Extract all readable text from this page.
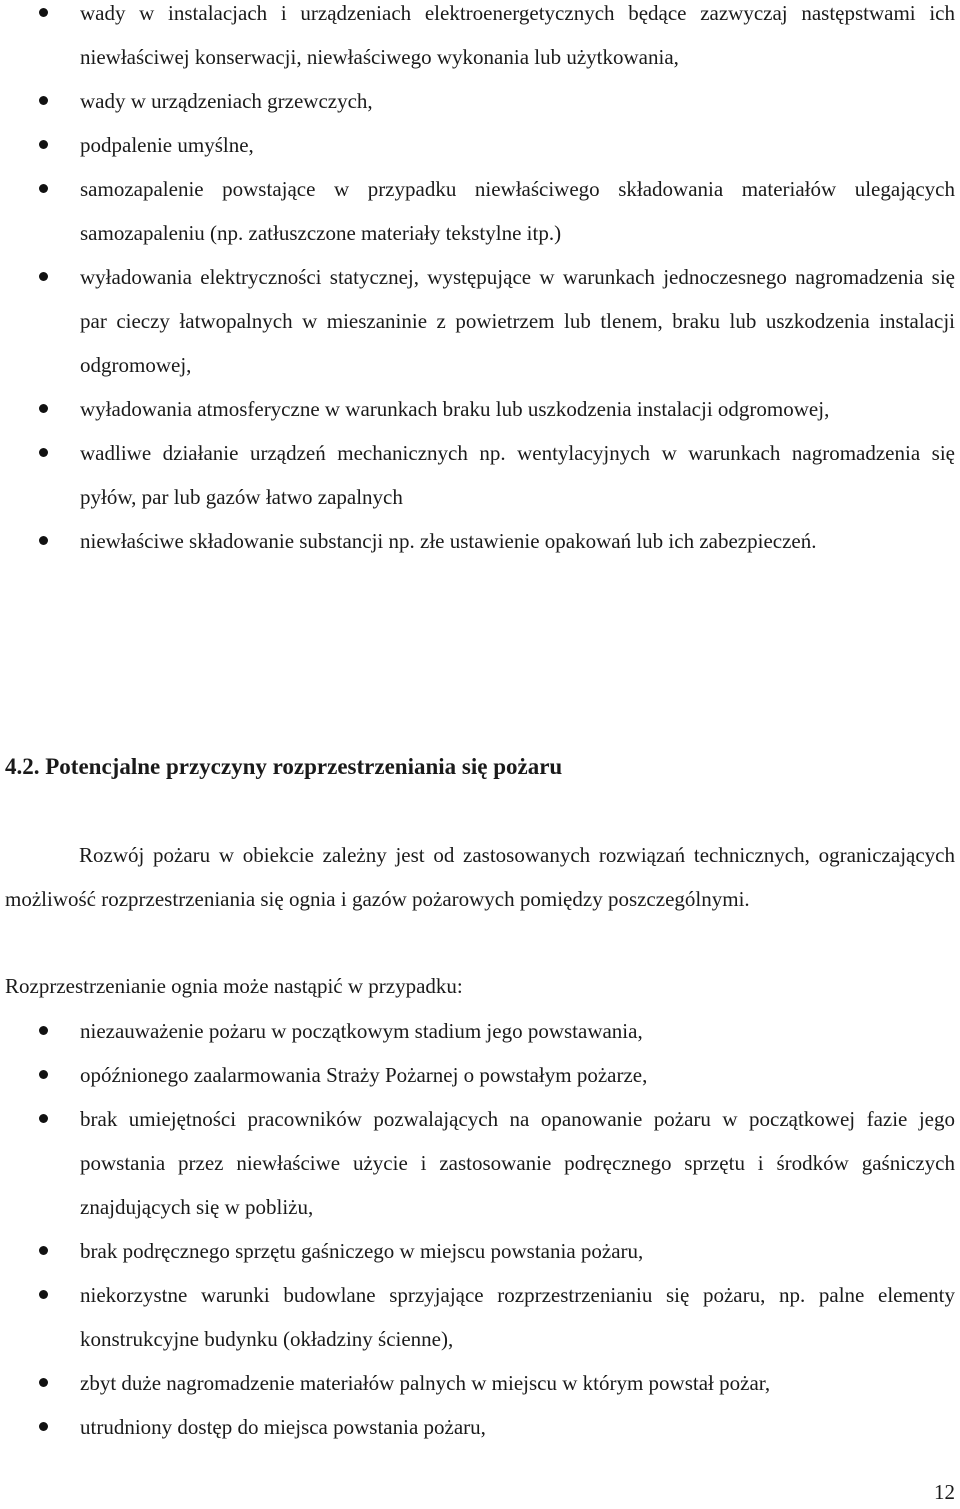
wady w instalacjach i urządzeniach elektroenergetycznych będące zazwyczaj następstwami ich niewłaściwej konserwacji, niewłaściwego wykonania lub użytkowania,
wady w urządzeniach grzewczych,
podpalenie umyślne,
samozapalenie powstające w przypadku niewłaściwego składowania materiałów ulegających samozapaleniu (np. zatłuszczone materiały tekstylne itp.)
wyładowania elektryczności statycznej, występujące w warunkach jednoczesnego nagromadzenia się par cieczy łatwopalnych w mieszaninie z powietrzem lub tlenem, braku lub uszkodzenia instalacji odgromowej,
wyładowania atmosferyczne w warunkach braku lub uszkodzenia instalacji odgromowej,
wadliwe działanie urządzeń mechanicznych np. wentylacyjnych w warunkach nagromadzenia się pyłów, par lub gazów łatwo zapalnych
niewłaściwe składowanie substancji np. złe ustawienie opakowań lub ich zabezpieczeń.
4.2. Potencjalne przyczyny rozprzestrzeniania się pożaru

Rozwój pożaru w obiekcie zależny jest od zastosowanych rozwiązań technicznych, ograniczających możliwość rozprzestrzeniania się ognia i gazów pożarowych pomiędzy poszczególnymi.

Rozprzestrzenianie ognia może nastąpić w przypadku:

niezauważenie pożaru w początkowym stadium jego powstawania,
opóźnionego zaalarmowania Straży Pożarnej o powstałym pożarze,
brak umiejętności pracowników pozwalających na opanowanie pożaru w początkowej fazie jego powstania przez niewłaściwe użycie i zastosowanie podręcznego sprzętu i środków gaśniczych znajdujących się w pobliżu,
brak podręcznego sprzętu gaśniczego w miejscu powstania pożaru,
niekorzystne warunki budowlane sprzyjające rozprzestrzenianiu się pożaru, np. palne elementy konstrukcyjne budynku (okładziny ścienne),
zbyt duże nagromadzenie materiałów palnych w miejscu w którym powstał pożar,
utrudniony dostęp do miejsca powstania pożaru,
12
